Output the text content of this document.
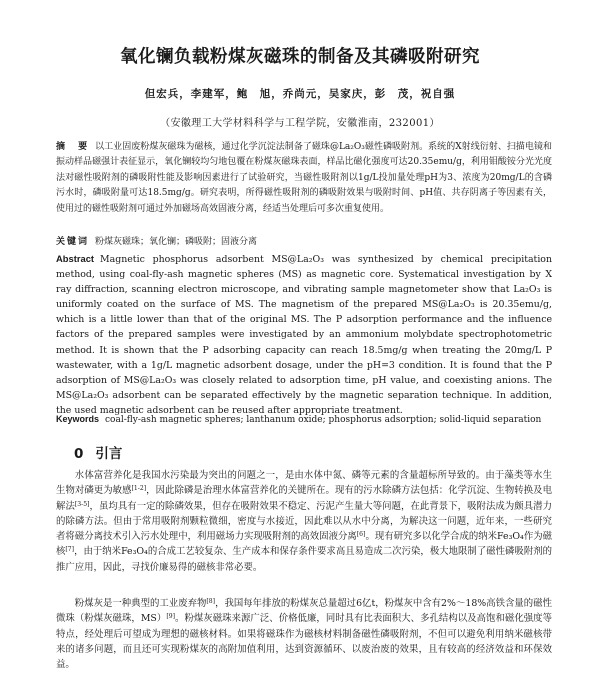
氧化镧负载粉煤灰磁珠的制备及其磷吸附研究
但宏兵，李建军，鲍　旭，乔尚元，吴家庆，彭　茂，祝自强
（安徽理工大学材料科学与工程学院，安徽淮南，232001）

摘　要 以工业固废粉煤灰磁珠为磁核，通过化学沉淀法制备了磁珠@La₂O₃磁性磷吸附剂。系统的X射线衍射、扫描电镜和振动样品磁强计表征显示，氧化镧较均匀地包覆在粉煤灰磁珠表面，样品比磁化强度可达20.35emu/g，利用钼酸铵分光光度法对磁性吸附剂的磷吸附性能及影响因素进行了试验研究，当磁性吸附剂以1g/L投加量处理pH为3、浓度为20mg/L的含磷污水时，磷吸附量可达18.5mg/g。研究表明，所得磁性吸附剂的磷吸附效果与吸附时间、pH值、共存阴离子等因素有关，使用过的磁性吸附剂可通过外加磁场高效固液分离，经适当处理后可多次重复使用。

关键词 粉煤灰磁珠；氧化镧；磷吸附；固液分离

Abstract Magnetic phosphorus adsorbent MS@La₂O₃ was synthesized by chemical precipitation method, using coal-fly-ash magnetic spheres (MS) as magnetic core. Systematical investigation by X ray diffraction, scanning electron microscope, and vibrating sample magnetometer show that La₂O₃ is uniformly coated on the surface of MS. The magnetism of the prepared MS@La₂O₃ is 20.35emu/g, which is a little lower than that of the original MS. The P adsorption performance and the influence factors of the prepared samples were investigated by an ammonium molybdate spectrophotometric method. It is shown that the P adsorbing capacity can reach 18.5mg/g when treating the 20mg/L P wastewater, with a 1g/L magnetic adsorbent dosage, under the pH=3 condition. It is found that the P adsorption of MS@La₂O₃ was closely related to adsorption time, pH value, and coexisting anions. The MS@La₂O₃ adsorbent can be separated effectively by the magnetic separation technique. In addition, the used magnetic adsorbent can be reused after appropriate treatment.

Keywords coal-fly-ash magnetic spheres; lanthanum oxide; phosphorus adsorption; solid-liquid separation

0 引言

水体富营养化是我国水污染最为突出的问题之一，是由水体中氮、磷等元素的含量超标所导致的。由于藻类等水生生物对磷更为敏感[1-2]，因此除磷是治理水体富营养化的关键所在。现有的污水除磷方法包括：化学沉淀、生物转换及电解法[3-5]，虽均具有一定的除磷效果，但存在吸附效果不稳定、污泥产生量大等问题，在此背景下，吸附法成为颇具潜力的除磷方法。但由于常用吸附剂颗粒微细，密度与水接近，因此难以从水中分离，为解决这一问题，近年来，一些研究者将磁分离技术引入污水处理中，利用磁场力实现吸附剂的高效固液分离[6]。现有研究多以化学合成的纳米Fe₃O₄作为磁核[7]，由于纳米Fe₃O₄的合成工艺较复杂、生产成本和保存条件要求高且易造成二次污染，极大地限制了磁性磷吸附剂的推广应用，因此，寻找价廉易得的磁核非常必要。

粉煤灰是一种典型的工业废弃物[8]，我国每年排放的粉煤灰总量超过6亿t，粉煤灰中含有2%～18%高铁含量的磁性微珠（粉煤灰磁珠，MS）[9]。粉煤灰磁珠来源广泛、价格低廉，同时具有比表面积大、多孔结构以及高饱和磁化强度等特点，经处理后可望成为理想的磁核材料。如果将磁珠作为磁核材料制备磁性磷吸附剂，不但可以避免利用纳米磁核带来的诸多问题，而且还可实现粉煤灰的高附加值利用，达到资源循环、以废治废的效果，且有较高的经济效益和环保效益。
